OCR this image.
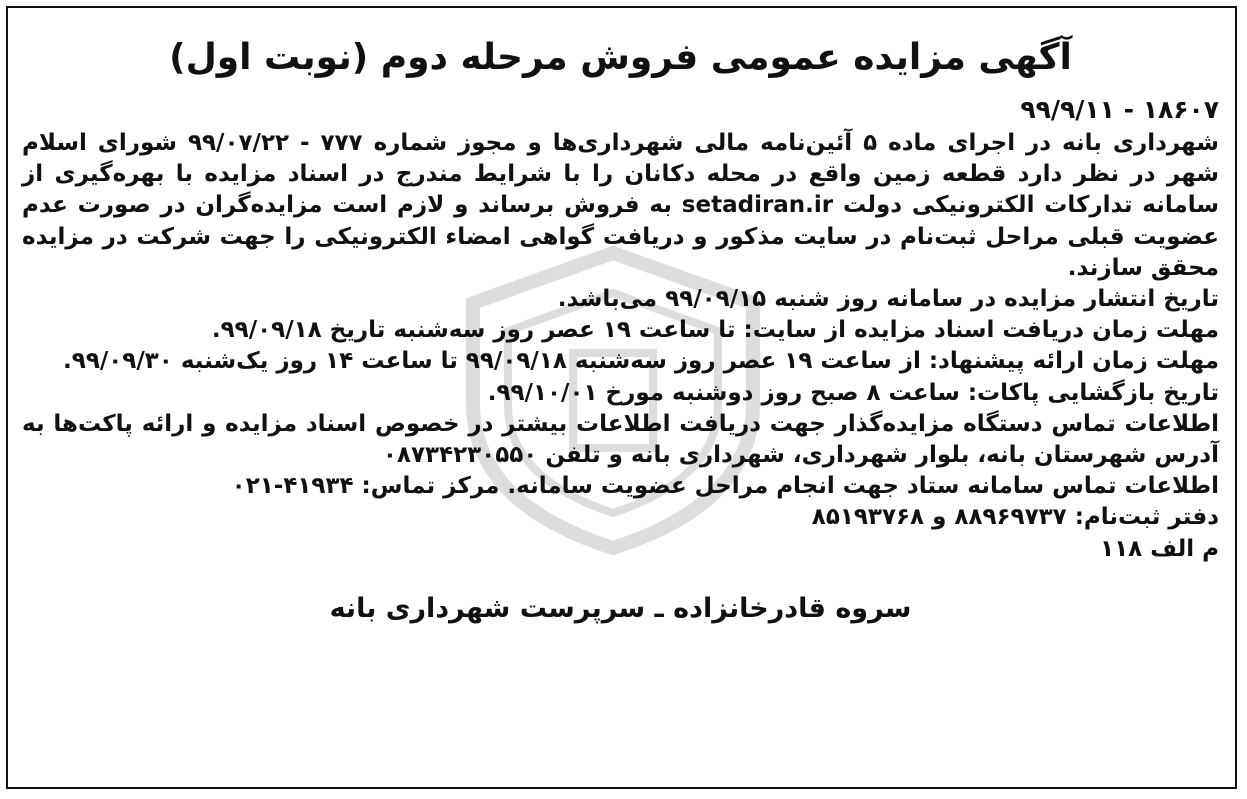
آگهی مزایده عمومی فروش مرحله دوم (نوبت اول)
۱۸۶۰۷ - ۹۹/۹/۱۱

شهرداری بانه در اجرای ماده ۵ آئین‌نامه مالی شهرداری‌ها و مجوز شماره ۷۷۷ - ۹۹/۰۷/۲۲ شورای اسلام شهر در نظر دارد قطعه زمین واقع در محله دکانان را با شرایط مندرج در اسناد مزایده با بهره‌گیری از سامانه تدارکات الکترونیکی دولت setadiran.ir به فروش برساند و لازم است مزایده‌گران در صورت عدم عضویت قبلی مراحل ثبت‌نام در سایت مذکور و دریافت گواهی امضاء الکترونیکی را جهت شرکت در مزایده محقق سازند.

تاریخ انتشار مزایده در سامانه روز شنبه ۹۹/۰۹/۱۵ می‌باشد.

مهلت زمان دریافت اسناد مزایده از سایت: تا ساعت ۱۹ عصر روز سه‌شنبه تاریخ ۹۹/۰۹/۱۸.

مهلت زمان ارائه پیشنهاد: از ساعت ۱۹ عصر روز سه‌شنبه ۹۹/۰۹/۱۸ تا ساعت ۱۴ روز یک‌شنبه ۹۹/۰۹/۳۰.

تاریخ بازگشایی پاکات: ساعت ۸ صبح روز دوشنبه مورخ ۹۹/۱۰/۰۱.

اطلاعات تماس دستگاه مزایده‌گذار جهت دریافت اطلاعات بیشتر در خصوص اسناد مزایده و ارائه پاکت‌ها به آدرس شهرستان بانه، بلوار شهرداری، شهرداری بانه و تلفن ۰۸۷۳۴۲۳۰۵۵۰

اطلاعات تماس سامانه ستاد جهت انجام مراحل عضویت سامانه. مرکز تماس: ۴۱۹۳۴-۰۲۱

دفتر ثبت‌نام: ۸۸۹۶۹۷۳۷ و ۸۵۱۹۳۷۶۸

م الف ۱۱۸

سروه قادرخانزاده ـ سرپرست شهرداری بانه
